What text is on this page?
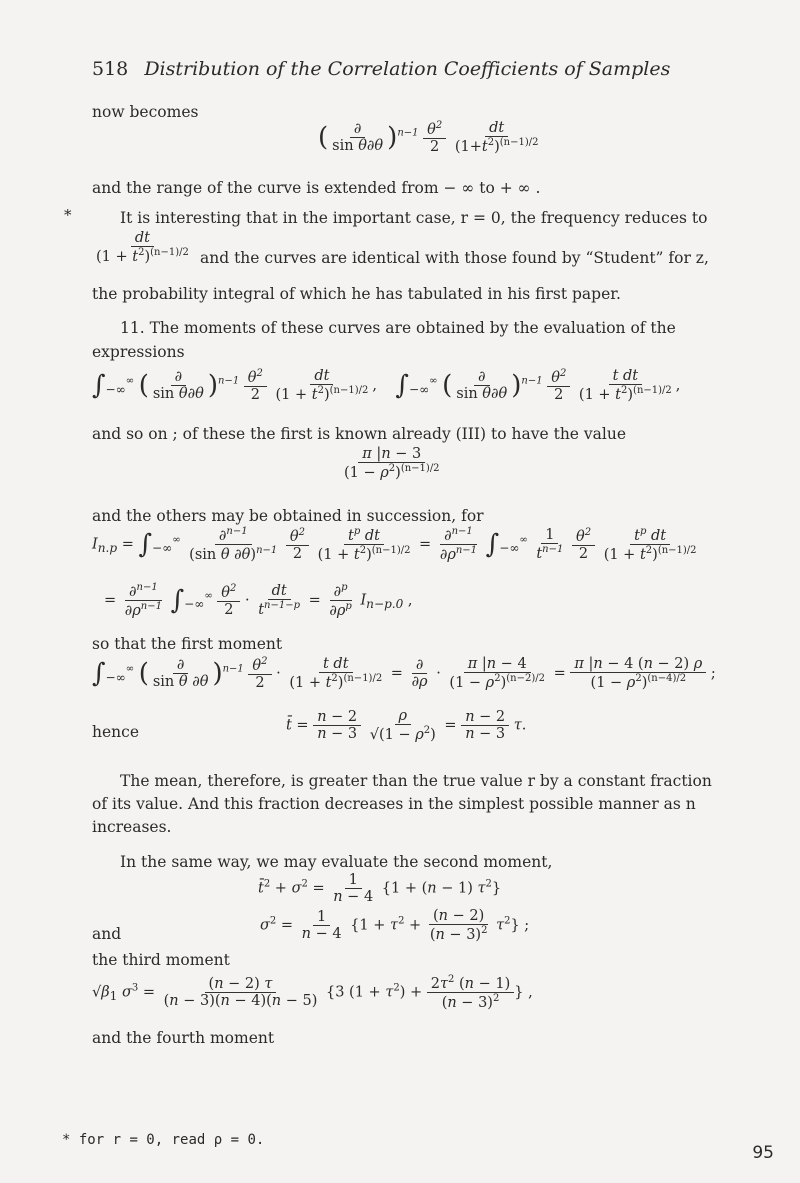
518 Distribution of the Correlation Coefficients of Samples
now becomes
( $\frac{\partial}{\text{sin θ∂θ}} )^{n-1} \frac{\theta^2}{2}$
$\frac{dt}{(1+t^2)^{(n-1)/2}}$
and the range of the curve is extended from − ∞ to + ∞ .
*	It is interesting that in the important case, r = 0, the frequency reduces to
$\frac{dt}{(1 + t^2)^{(n-1)/2}}$ and the curves are identical with those found by “Student” for z,
the probability integral of which he has tabulated in his first paper.
11. The moments of these curves are obtained by the evaluation of the expressions
$\int_{-\infty}^\infty$ ( $\frac{\partial}{\text{sin θ∂θ}} )^{n-1} \frac{\theta^2}{2}$
$\frac{dt}{(1 + t^2)^{(n-1)/2}}$ ,    $\int_{-\infty}^\infty$ ( $\frac{\partial}{\text{sin θ∂θ}} )^{n-1} \frac{\theta^2}{2}$
$\frac{\text{t dt}}{(1 + t^2)^{(n-1)/2}}$ ,
and so on ; of these the first is known already (III) to have the value
$\frac{\pi |n - 3}{(1 - \rho^2)^{(n-1)/2}}$
and the others may be obtained in succession, for
$I_{n.p} = \int_{-\infty}^\infty \frac{\partial^{n-1}}{(\sin \theta \partial\theta)^{n-1}}$
$\frac{\theta^2}{2}$
$\frac{t^p dt}{(1 + t^2)^{(n-1)/2}} = \frac{\partial^{n-1}}{\partial\rho^{n-1}} \int_{-\infty}^\infty \frac{1}{t^{n-1}}$
$\frac{\theta^2}{2}$
$\frac{t^p dt}{(1 + t^2)^{(n-1)/2}}$
= $\frac{\partial^{n-1}}{\partial\rho^{n-1}} \int_{-\infty}^\infty \frac{\theta^2}{2} \cdot \frac{dt}{t^{n-1-p}} = \frac{\partial^p}{\partial\rho^p} I_{n-p.0}$ ,
so that the first moment
$\int_{-\infty}^\infty$ ( $\frac{\partial}{\text{sin θ ∂θ}} )^{n-1} \frac{\theta^2}{2} \cdot \frac{\text{t dt}}{(1 + t^2)^{(n-1)/2}} = \frac{\partial}{\partial\rho} \cdot \frac{\pi |n - 4}{(1 - \rho^2)^{(n-2)/2}} = \frac{\pi |n - 4 (n - 2) \rho}{(1 - \rho^2)^{(n-4)/2}}$ ;
hence	t̄ = $\frac{n - 2}{n - 3}$
$\frac{\rho}{√(1 - \rho^2)} = \frac{n - 2}{n - 3} \tau$.
The mean, therefore, is greater than the true value r by a constant fraction of its value. And this fraction decreases in the simplest possible manner as n increases.
In the same way, we may evaluate the second moment,
t̄$^2$ + $\sigma^2 = \frac{1}{n - 4} \{1 + (n - 1)$ $\tau^2$}
and	$\sigma^2 = \frac{1}{n - 4} \{1 + \tau^2 + \frac{(n - 2)}{(n - 3)^2} \tau^2\}$ ;
the third moment
$√\beta_1$ $\sigma^3 = \frac{(n - 2) \tau}{(n - 3)(n - 4)(n - 5)} \{3$ $(1 + \tau^2) + \frac{2\tau^2 (n - 1)}{(n - 3)^2}$ } ,
and the fourth moment
* for r = 0, read ρ = 0.
95
